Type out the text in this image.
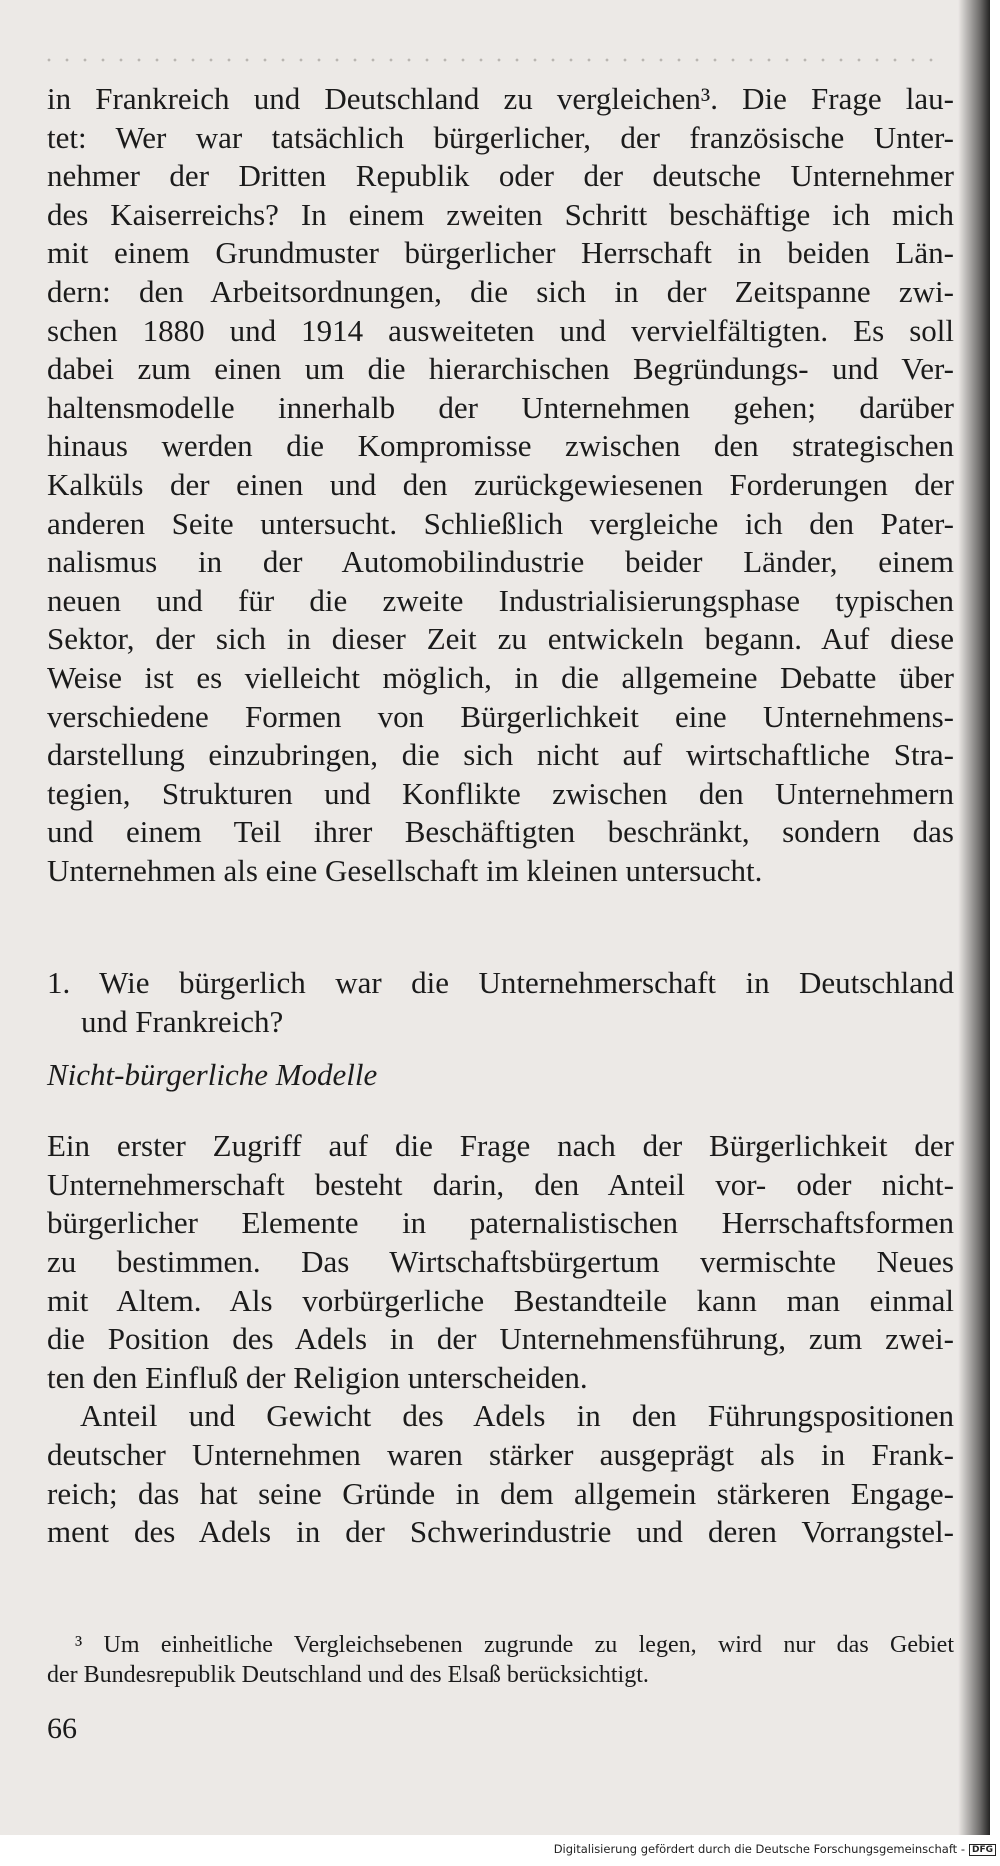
in Frankreich und Deutschland zu vergleichen³. Die Frage lau-
tet: Wer war tatsächlich bürgerlicher, der französische Unter-
nehmer der Dritten Republik oder der deutsche Unternehmer
des Kaiserreichs? In einem zweiten Schritt beschäftige ich mich
mit einem Grundmuster bürgerlicher Herrschaft in beiden Län-
dern: den Arbeitsordnungen, die sich in der Zeitspanne zwi-
schen 1880 und 1914 ausweiteten und vervielfältigten. Es soll
dabei zum einen um die hierarchischen Begründungs- und Ver-
haltensmodelle innerhalb der Unternehmen gehen; darüber
hinaus werden die Kompromisse zwischen den strategischen
Kalküls der einen und den zurückgewiesenen Forderungen der
anderen Seite untersucht. Schließlich vergleiche ich den Pater-
nalismus in der Automobilindustrie beider Länder, einem
neuen und für die zweite Industrialisierungsphase typischen
Sektor, der sich in dieser Zeit zu entwickeln begann. Auf diese
Weise ist es vielleicht möglich, in die allgemeine Debatte über
verschiedene Formen von Bürgerlichkeit eine Unternehmens-
darstellung einzubringen, die sich nicht auf wirtschaftliche Stra-
tegien, Strukturen und Konflikte zwischen den Unternehmern
und einem Teil ihrer Beschäftigten beschränkt, sondern das
Unternehmen als eine Gesellschaft im kleinen untersucht.
1. Wie bürgerlich war die Unternehmerschaft in Deutschland
und Frankreich?
Nicht-bürgerliche Modelle
Ein erster Zugriff auf die Frage nach der Bürgerlichkeit der
Unternehmerschaft besteht darin, den Anteil vor- oder nicht-
bürgerlicher Elemente in paternalistischen Herrschaftsformen
zu bestimmen. Das Wirtschaftsbürgertum vermischte Neues
mit Altem. Als vorbürgerliche Bestandteile kann man einmal
die Position des Adels in der Unternehmensführung, zum zwei-
ten den Einfluß der Religion unterscheiden.
Anteil und Gewicht des Adels in den Führungspositionen
deutscher Unternehmen waren stärker ausgeprägt als in Frank-
reich; das hat seine Gründe in dem allgemein stärkeren Engage-
ment des Adels in der Schwerindustrie und deren Vorrangstel-
³ Um einheitliche Vergleichsebenen zugrunde zu legen, wird nur das Gebiet
der Bundesrepublik Deutschland und des Elsaß berücksichtigt.
66
Digitalisierung gefördert durch die Deutsche Forschungsgemeinschaft - DFG
